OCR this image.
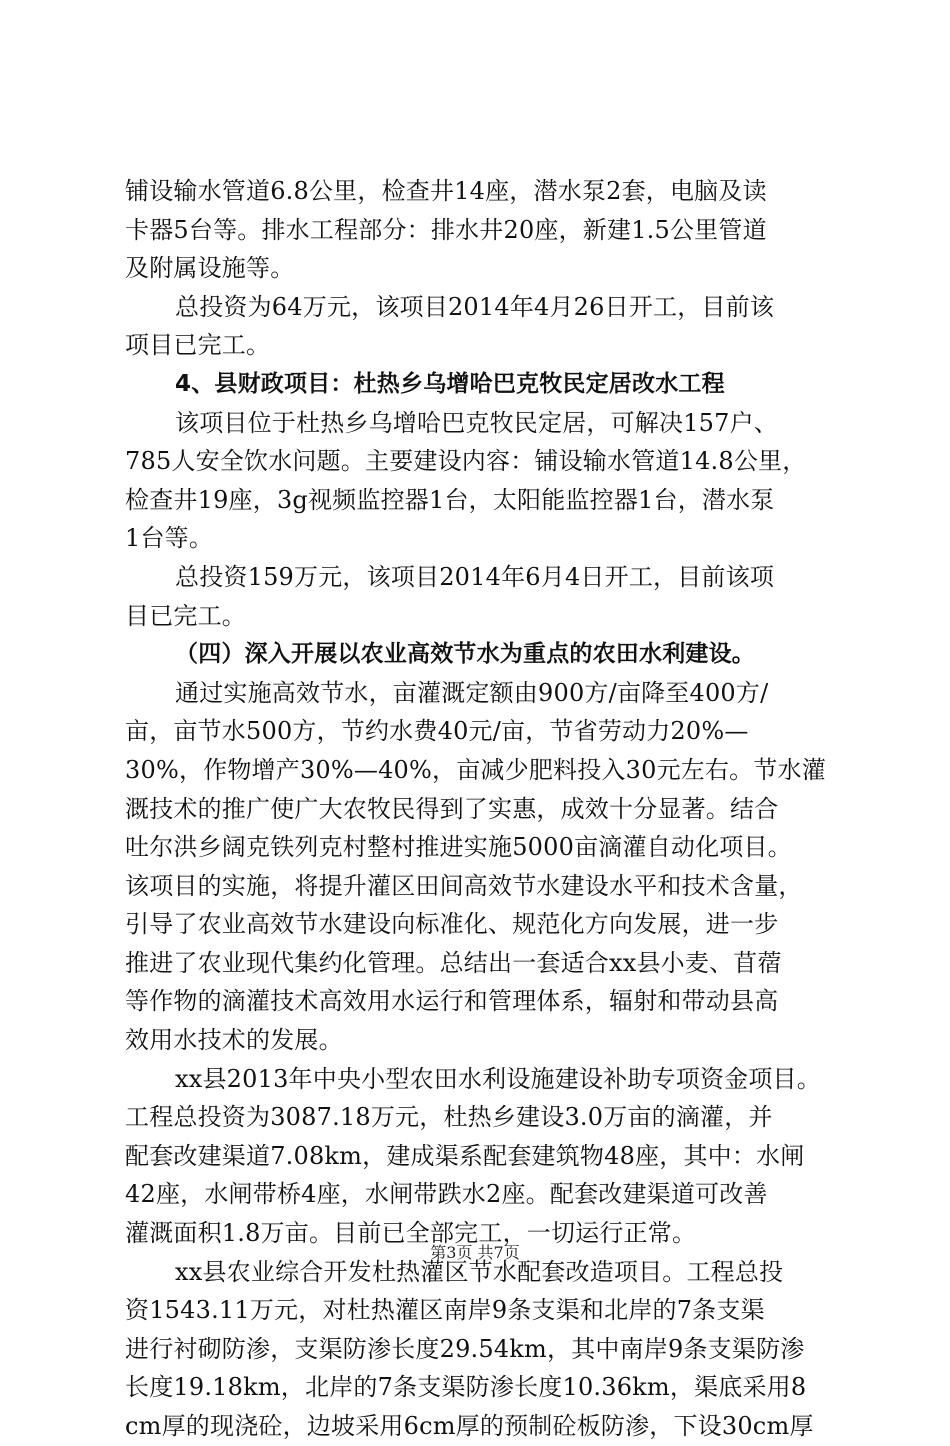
铺设输水管道6.8公里，检查井14座，潜水泵2套，电脑及读
卡器5台等。排水工程部分：排水井20座，新建1.5公里管道
及附属设施等。
总投资为64万元，该项目2014年4月26日开工，目前该
项目已完工。
4、县财政项目：杜热乡乌增哈巴克牧民定居改水工程
该项目位于杜热乡乌增哈巴克牧民定居，可解决157户、
785人安全饮水问题。主要建设内容：铺设输水管道14.8公里，
检查井19座，3g视频监控器1台，太阳能监控器1台，潜水泵
1台等。
总投资159万元，该项目2014年6月4日开工，目前该项
目已完工。
（四）深入开展以农业高效节水为重点的农田水利建设。
通过实施高效节水，亩灌溉定额由900方/亩降至400方/
亩，亩节水500方，节约水费40元/亩，节省劳动力20%—
30%，作物增产30%—40%，亩减少肥料投入30元左右。节水灌
溉技术的推广使广大农牧民得到了实惠，成效十分显著。结合
吐尔洪乡阔克铁列克村整村推进实施5000亩滴灌自动化项目。
该项目的实施，将提升灌区田间高效节水建设水平和技术含量，
引导了农业高效节水建设向标准化、规范化方向发展，进一步
推进了农业现代集约化管理。总结出一套适合xx县小麦、苜蓿
等作物的滴灌技术高效用水运行和管理体系，辐射和带动县高
效用水技术的发展。
xx县2013年中央小型农田水利设施建设补助专项资金项目。
工程总投资为3087.18万元，杜热乡建设3.0万亩的滴灌，并
配套改建渠道7.08km，建成渠系配套建筑物48座，其中：水闸
42座，水闸带桥4座，水闸带跌水2座。配套改建渠道可改善
灌溉面积1.8万亩。目前已全部完工，一切运行正常。
xx县农业综合开发杜热灌区节水配套改造项目。工程总投
资1543.11万元，对杜热灌区南岸9条支渠和北岸的7条支渠
进行衬砌防渗，支渠防渗长度29.54km，其中南岸9条支渠防渗
长度19.18km，北岸的7条支渠防渗长度10.36km，渠底采用8
cm厚的现浇砼，边坡采用6cm厚的预制砼板防渗，下设30cm厚
第3页 共7页
